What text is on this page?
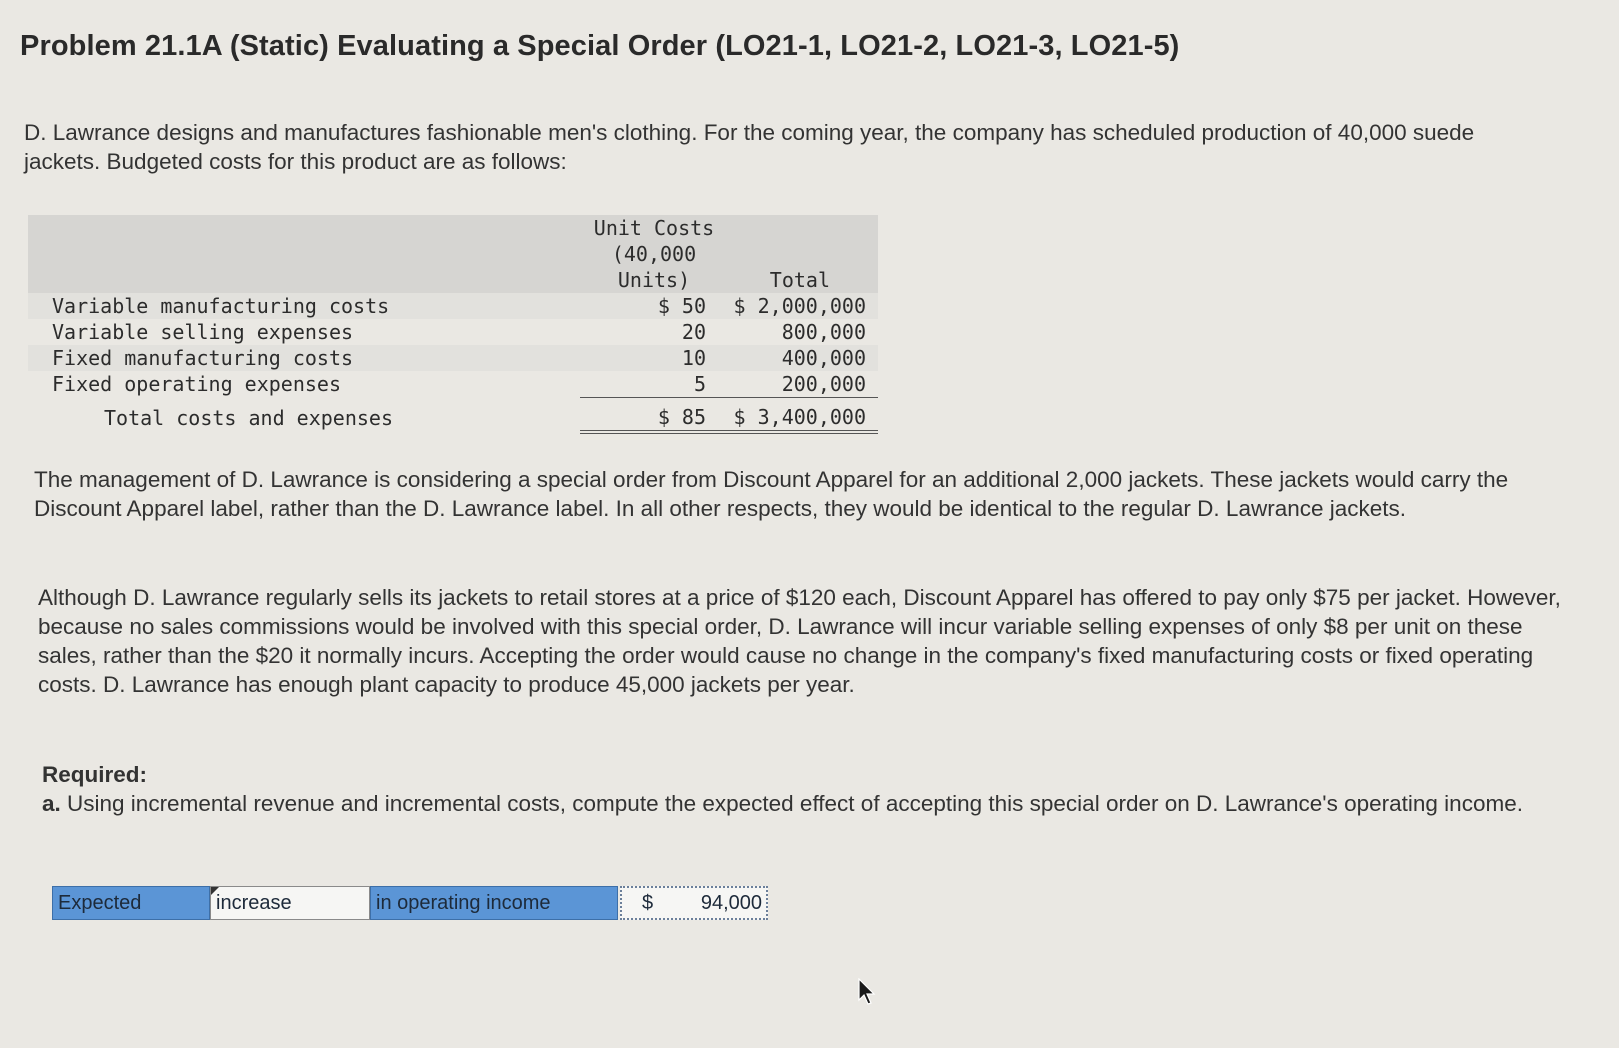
Problem 21.1A (Static) Evaluating a Special Order (LO21-1, LO21-2, LO21-3, LO21-5)

D. Lawrance designs and manufactures fashionable men's clothing. For the coming year, the company has scheduled production of 40,000 suede jackets. Budgeted costs for this product are as follows:

	Unit Costs
(40,000
Units)	Total
Variable manufacturing costs	$ 50	$ 2,000,000
Variable selling expenses	20	800,000
Fixed manufacturing costs	10	400,000
Fixed operating expenses	5	200,000
Total costs and expenses	$ 85	$ 3,400,000

The management of D. Lawrance is considering a special order from Discount Apparel for an additional 2,000 jackets. These jackets would carry the Discount Apparel label, rather than the D. Lawrance label. In all other respects, they would be identical to the regular D. Lawrance jackets.

Although D. Lawrance regularly sells its jackets to retail stores at a price of $120 each, Discount Apparel has offered to pay only $75 per jacket. However, because no sales commissions would be involved with this special order, D. Lawrance will incur variable selling expenses of only $8 per unit on these sales, rather than the $20 it normally incurs. Accepting the order would cause no change in the company's fixed manufacturing costs or fixed operating costs. D. Lawrance has enough plant capacity to produce 45,000 jackets per year.

Required:
a. Using incremental revenue and incremental costs, compute the expected effect of accepting this special order on D. Lawrance's operating income.
Expected	increase	in operating income	$ 94,000
